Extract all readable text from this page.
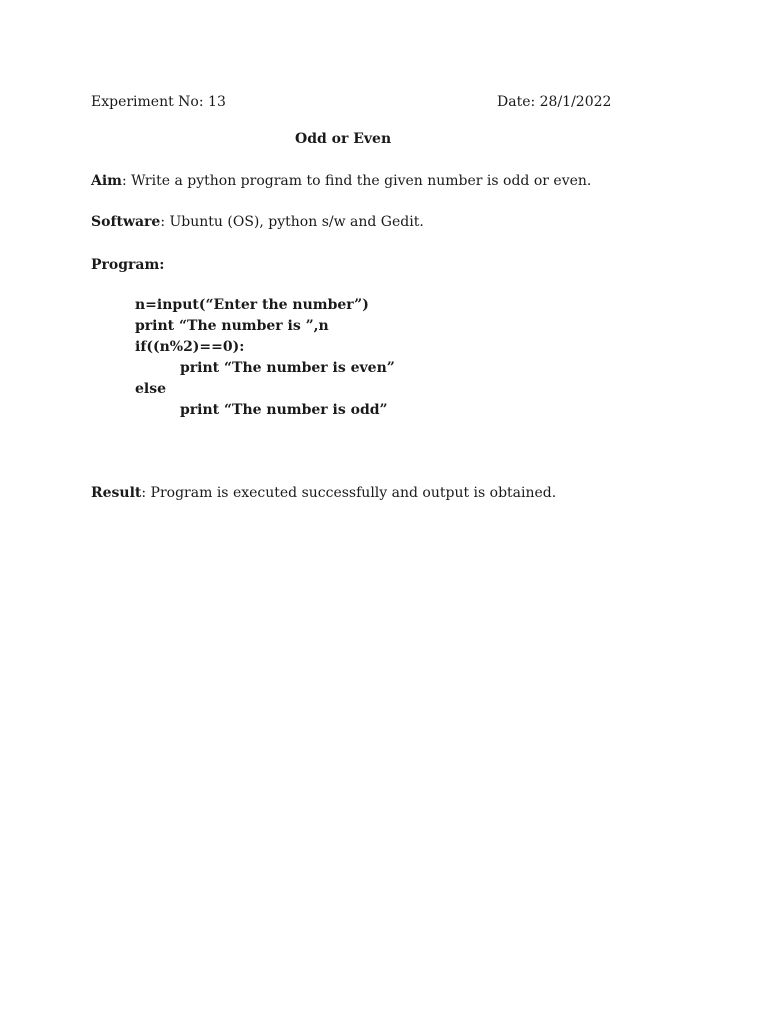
Experiment No: 13	Date: 28/1/2022
Odd or Even
Aim: Write a python program to find the given number is odd or even.
Software: Ubuntu (OS), python s/w and Gedit.
Program:
n=input(“Enter the number”)
print “The number is ”,n
if((n%2)==0):
print “The number is even”
else
print “The number is odd”
Result: Program is executed successfully and output is obtained.
